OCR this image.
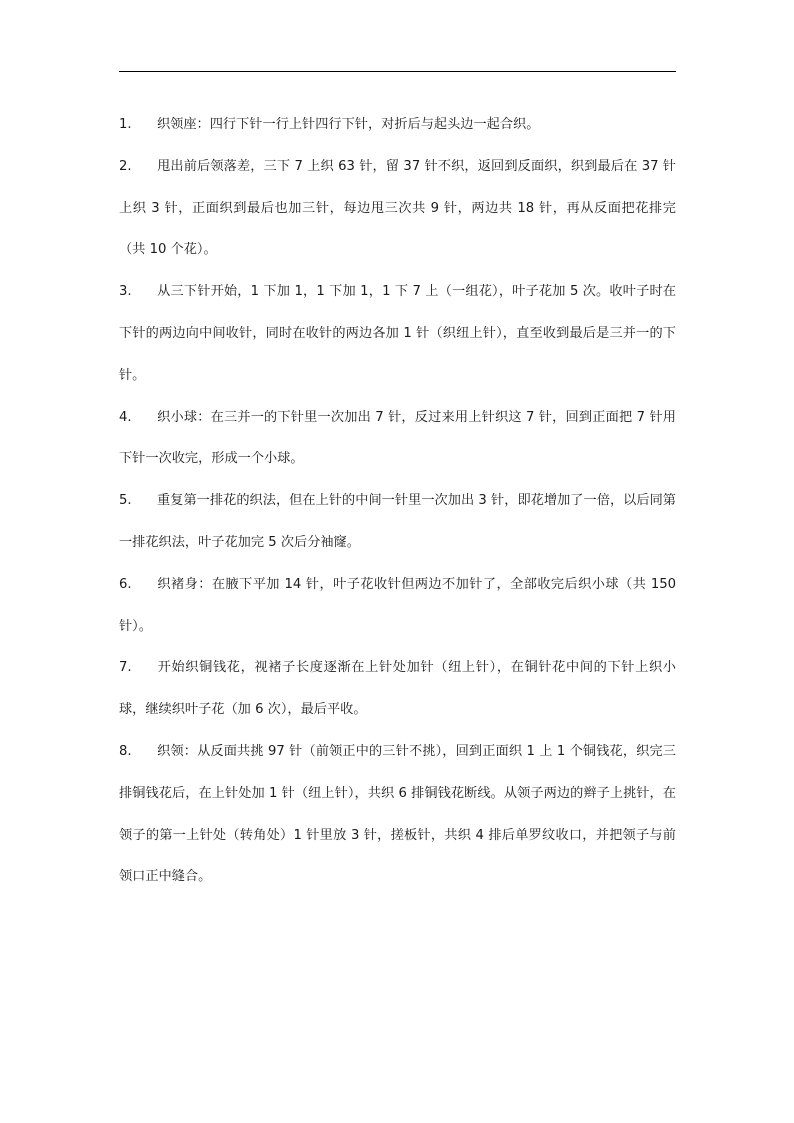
1. 织领座：四行下针一行上针四行下针，对折后与起头边一起合织。

2. 甩出前后领落差，三下 7 上织 63 针，留 37 针不织，返回到反面织，织到最后在 37 针上织 3 针，正面织到最后也加三针，每边甩三次共 9 针，两边共 18 针，再从反面把花排完（共 10 个花）。

3. 从三下针开始，1 下加 1，1 下加 1，1 下 7 上（一组花），叶子花加 5 次。收叶子时在下针的两边向中间收针，同时在收针的两边各加 1 针（织纽上针），直至收到最后是三并一的下针。

4. 织小球：在三并一的下针里一次加出 7 针，反过来用上针织这 7 针，回到正面把 7 针用下针一次收完，形成一个小球。

5. 重复第一排花的织法，但在上针的中间一针里一次加出 3 针，即花增加了一倍，以后同第一排花织法，叶子花加完 5 次后分袖窿。

6. 织褚身：在腋下平加 14 针，叶子花收针但两边不加针了，全部收完后织小球（共 150 针）。

7. 开始织铜钱花，视褚子长度逐渐在上针处加针（纽上针），在铜针花中间的下针上织小球，继续织叶子花（加 6 次），最后平收。

8. 织领：从反面共挑 97 针（前领正中的三针不挑），回到正面织 1 上 1 个铜钱花，织完三排铜钱花后，在上针处加 1 针（纽上针），共织 6 排铜钱花断线。从领子两边的辫子上挑针，在领子的第一上针处（转角处）1 针里放 3 针，搓板针，共织 4 排后单罗纹收口，并把领子与前领口正中缝合。
